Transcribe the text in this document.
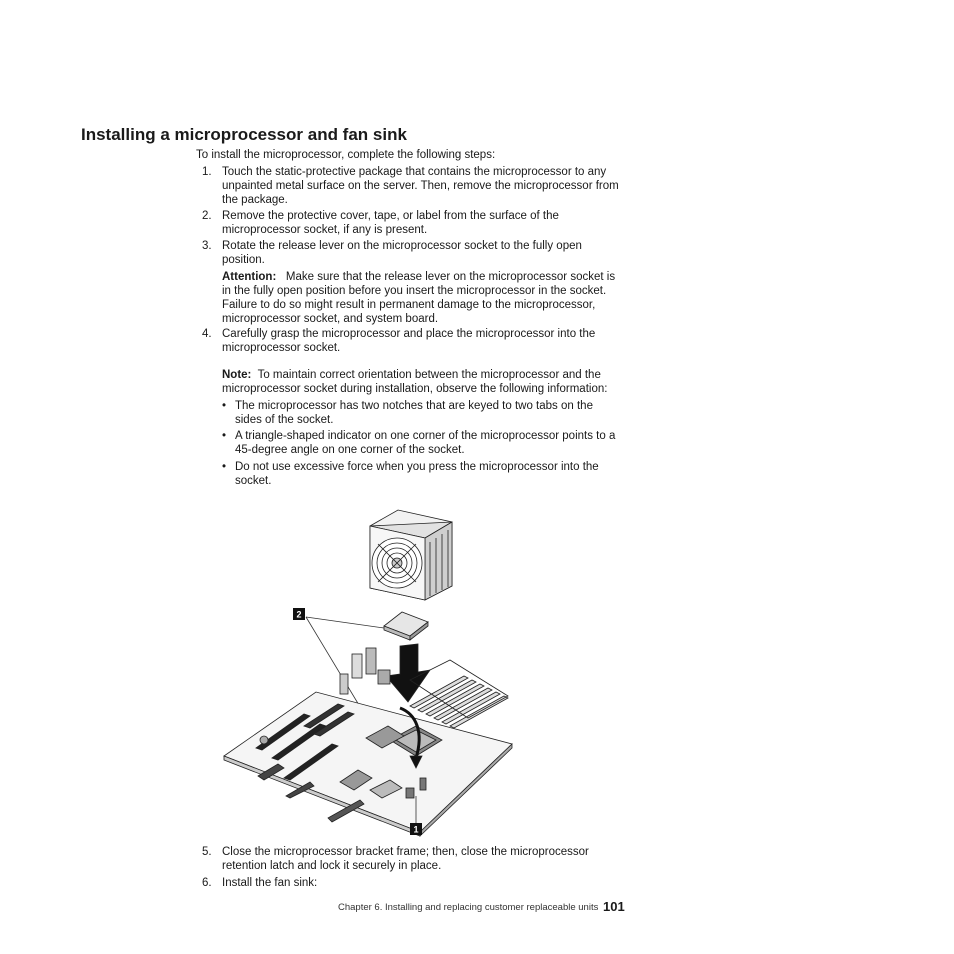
Installing a microprocessor and fan sink
To install the microprocessor, complete the following steps:
1. Touch the static-protective package that contains the microprocessor to any unpainted metal surface on the server. Then, remove the microprocessor from the package.
2. Remove the protective cover, tape, or label from the surface of the microprocessor socket, if any is present.
3. Rotate the release lever on the microprocessor socket to the fully open position.
Attention: Make sure that the release lever on the microprocessor socket is in the fully open position before you insert the microprocessor in the socket. Failure to do so might result in permanent damage to the microprocessor, microprocessor socket, and system board.
4. Carefully grasp the microprocessor and place the microprocessor into the microprocessor socket.
Note: To maintain correct orientation between the microprocessor and the microprocessor socket during installation, observe the following information:
• The microprocessor has two notches that are keyed to two tabs on the sides of the socket.
• A triangle-shaped indicator on one corner of the microprocessor points to a 45-degree angle on one corner of the socket.
• Do not use excessive force when you press the microprocessor into the socket.
5. Close the microprocessor bracket frame; then, close the microprocessor retention latch and lock it securely in place.
6. Install the fan sink:
2
1
Chapter 6. Installing and replacing customer replaceable units 101
